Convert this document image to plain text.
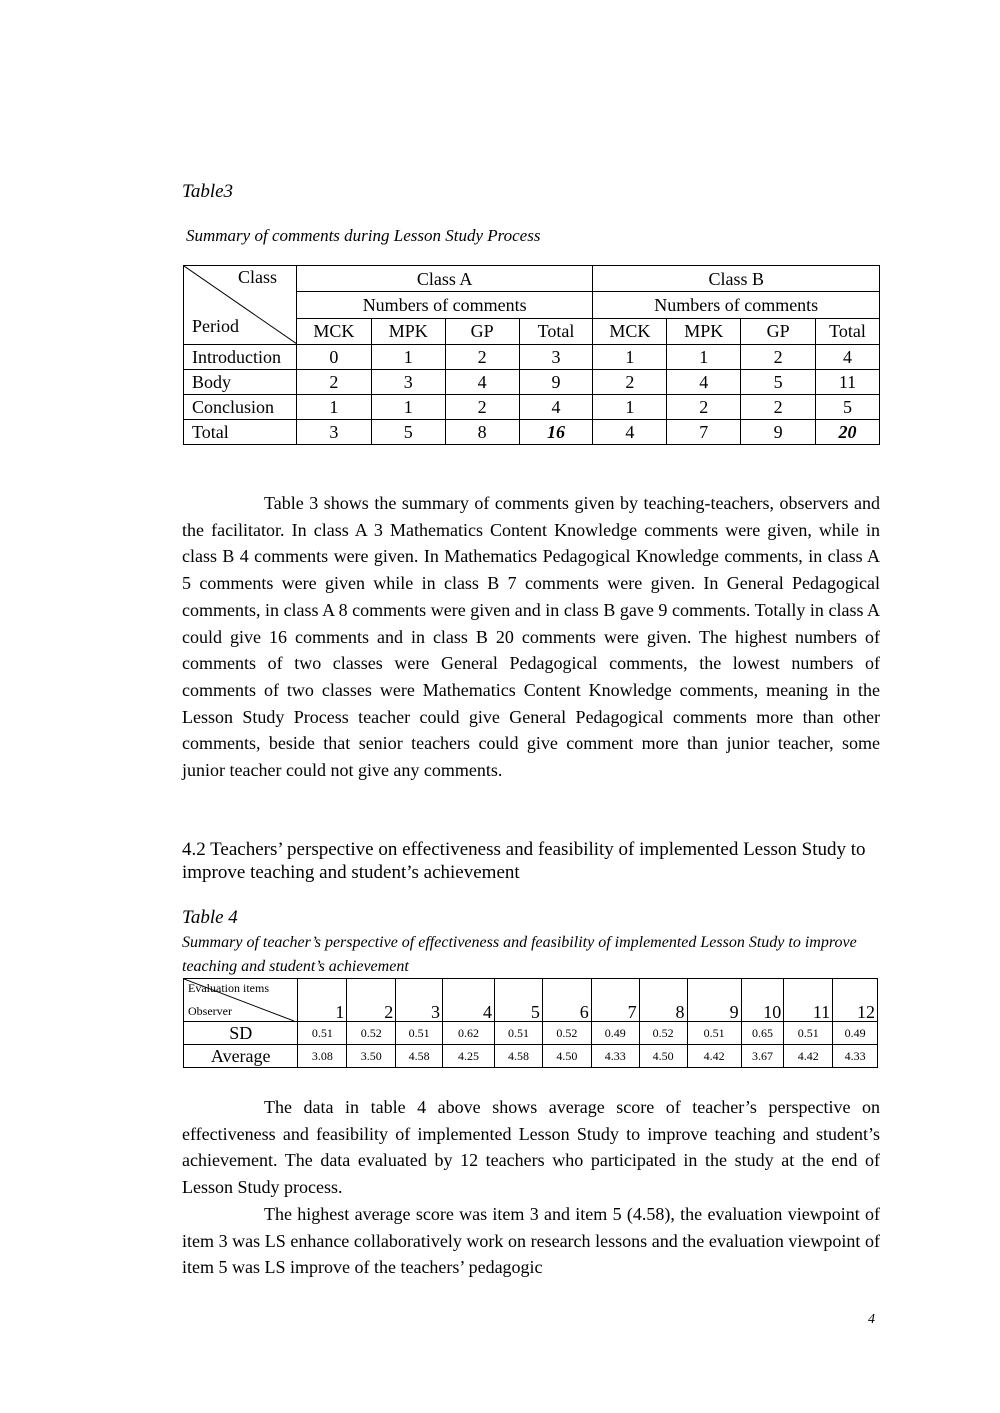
Table3
Summary of comments during Lesson Study Process
Class
Period	Class A				Class B			
	Numbers of comments				Numbers of comments			
	MCK	MPK	GP	Total	MCK	MPK	GP	Total
Introduction	0	1	2	3	1	1	2	4
Body	2	3	4	9	2	4	5	11
Conclusion	1	1	2	4	1	2	2	5
Total	3	5	8	16	4	7	9	20
Table 3 shows the summary of comments given by teaching-teachers, observers and the facilitator. In class A 3 Mathematics Content Knowledge comments were given, while in class B 4 comments were given. In Mathematics Pedagogical Knowledge comments, in class A 5 comments were given while in class B 7 comments were given. In General Pedagogical comments, in class A 8 comments were given and in class B gave 9 comments. Totally in class A could give 16 comments and in class B 20 comments were given. The highest numbers of comments of two classes were General Pedagogical comments, the lowest numbers of comments of two classes were Mathematics Content Knowledge comments, meaning in the Lesson Study Process teacher could give General Pedagogical comments more than other comments, beside that senior teachers could give comment more than junior teacher, some junior teacher could not give any comments.
4.2 Teachers’ perspective on effectiveness and feasibility of implemented Lesson Study to improve teaching and student’s achievement
Table 4
Summary of teacher’s perspective of effectiveness and feasibility of implemented Lesson Study to improve teaching and student’s achievement
Evaluation items
Observer	1	2	3	4	5	6	7	8	9	10	11	12
SD	0.51	0.52	0.51	0.62	0.51	0.52	0.49	0.52	0.51	0.65	0.51	0.49
Average	3.08	3.50	4.58	4.25	4.58	4.50	4.33	4.50	4.42	3.67	4.42	4.33
The data in table 4 above shows average score of teacher’s perspective on effectiveness and feasibility of implemented Lesson Study to improve teaching and student’s achievement. The data evaluated by 12 teachers who participated in the study at the end of Lesson Study process.
The highest average score was item 3 and item 5 (4.58), the evaluation viewpoint of item 3 was LS enhance collaboratively work on research lessons and the evaluation viewpoint of item 5 was LS improve of the teachers’ pedagogic
4
